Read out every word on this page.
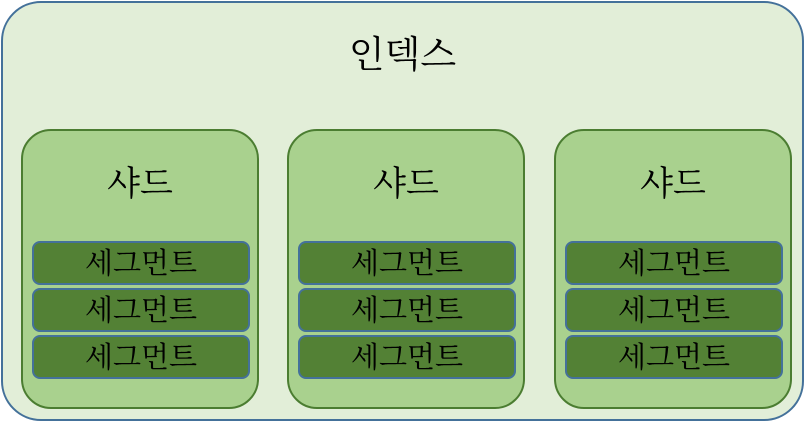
인덱스
샤드
세그먼트
세그먼트
세그먼트
샤드
세그먼트
세그먼트
세그먼트
샤드
세그먼트
세그먼트
세그먼트
